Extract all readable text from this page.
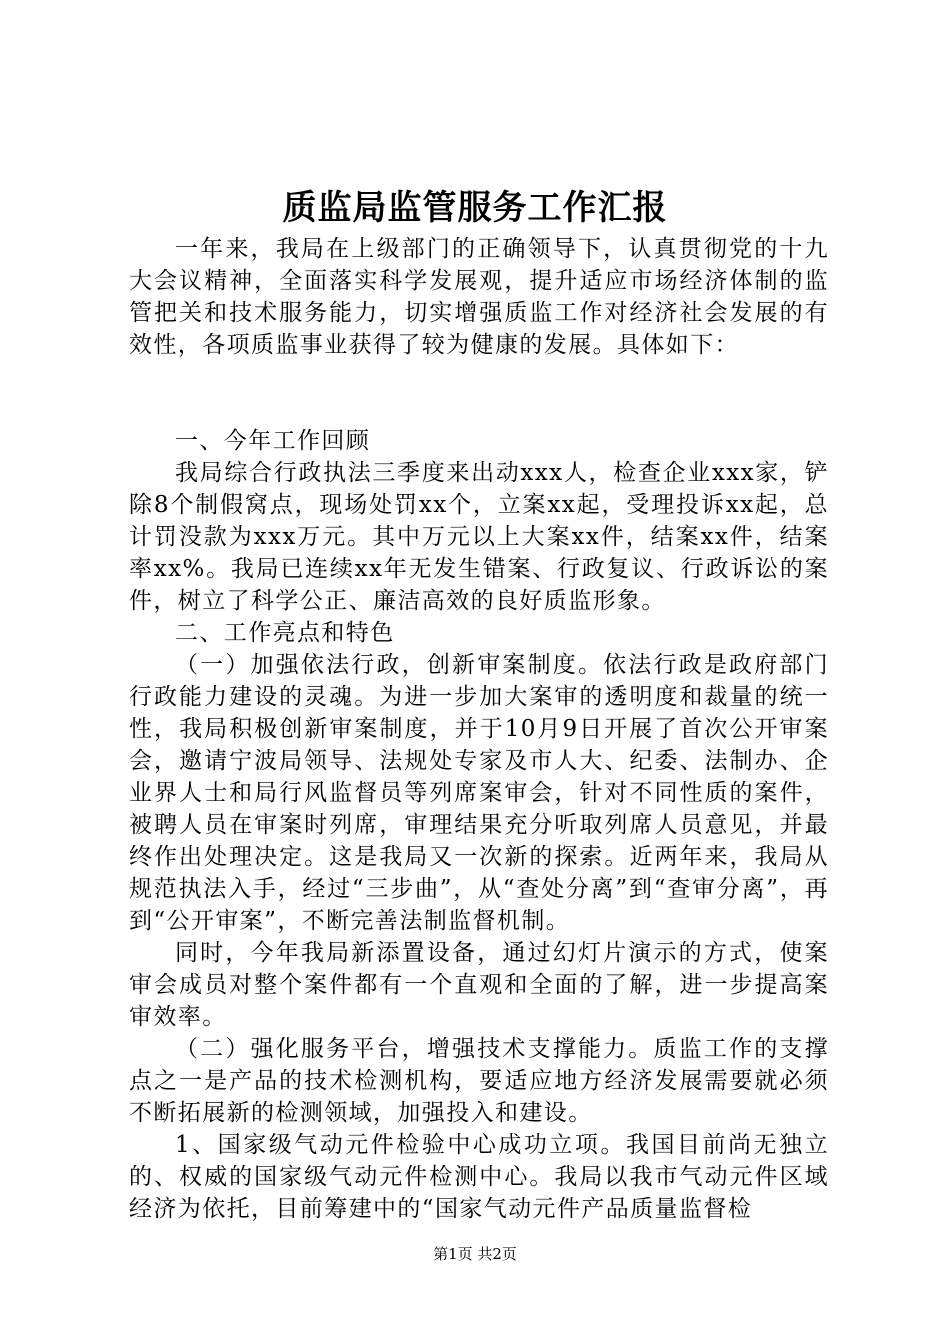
质监局监管服务工作汇报

一年来，我局在上级部门的正确领导下，认真贯彻党的十九大会议精神，全面落实科学发展观，提升适应市场经济体制的监管把关和技术服务能力，切实增强质监工作对经济社会发展的有效性，各项质监事业获得了较为健康的发展。具体如下：

一、今年工作回顾

我局综合行政执法三季度来出动xxx人，检查企业xxx家，铲除8个制假窝点，现场处罚xx个，立案xx起，受理投诉xx起，总计罚没款为xxx万元。其中万元以上大案xx件，结案xx件，结案率xx%。我局已连续xx年无发生错案、行政复议、行政诉讼的案件，树立了科学公正、廉洁高效的良好质监形象。

二、工作亮点和特色

（一）加强依法行政，创新审案制度。依法行政是政府部门行政能力建设的灵魂。为进一步加大案审的透明度和裁量的统一性，我局积极创新审案制度，并于10月9日开展了首次公开审案会，邀请宁波局领导、法规处专家及市人大、纪委、法制办、企业界人士和局行风监督员等列席案审会，针对不同性质的案件，被聘人员在审案时列席，审理结果充分听取列席人员意见，并最终作出处理决定。这是我局又一次新的探索。近两年来，我局从规范执法入手，经过“三步曲”，从“查处分离”到“查审分离”，再到“公开审案”，不断完善法制监督机制。

同时，今年我局新添置设备，通过幻灯片演示的方式，使案审会成员对整个案件都有一个直观和全面的了解，进一步提高案审效率。

（二）强化服务平台，增强技术支撑能力。质监工作的支撑点之一是产品的技术检测机构，要适应地方经济发展需要就必须不断拓展新的检测领域，加强投入和建设。

1、国家级气动元件检验中心成功立项。我国目前尚无独立的、权威的国家级气动元件检测中心。我局以我市气动元件区域经济为依托，目前筹建中的“国家气动元件产品质量监督检

第1页 共2页
